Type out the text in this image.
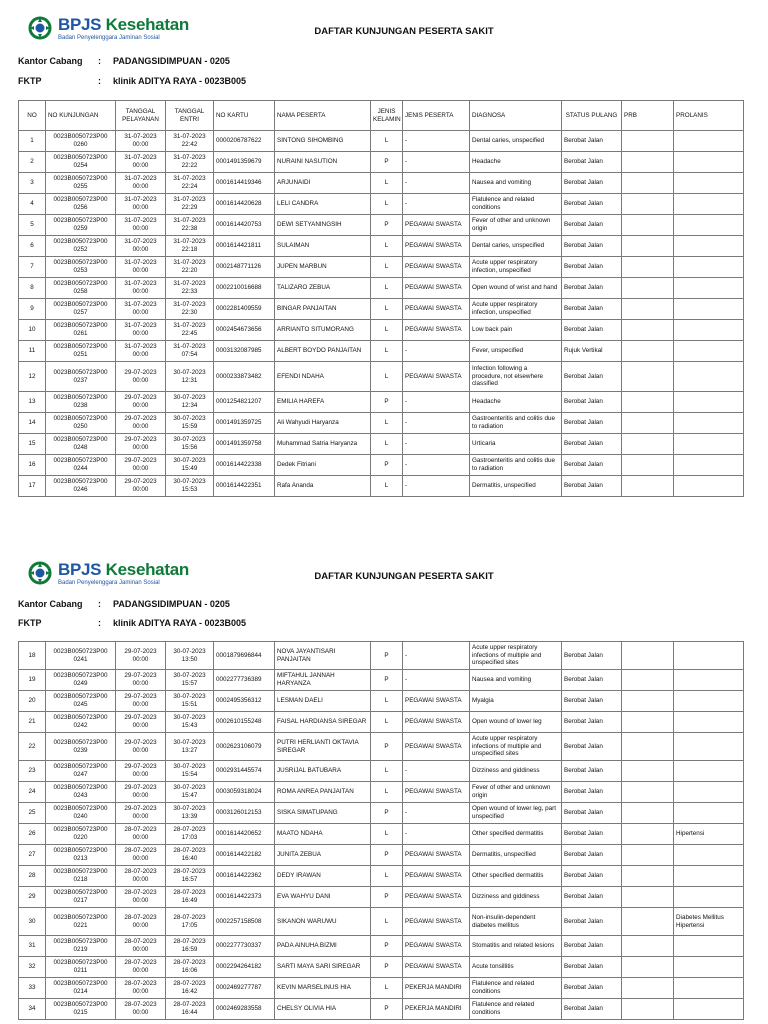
BPJS Kesehatan
Badan Penyelenggara Jaminan Sosial
DAFTAR KUNJUNGAN PESERTA SAKIT
Kantor Cabang : PADANGSIDIMPUAN - 0205
FKTP	: klinik ADITYA RAYA - 0023B005
NO	NO KUNJUNGAN	TANGGAL PELAYANAN	TANGGAL ENTRI	NO KARTU	NAMA PESERTA	JENIS KELAMIN	JENIS PESERTA	DIAGNOSA	STATUS PULANG	PRB	PROLANIS
1	0023B0050723P00 0260	31-07-2023 00:00	31-07-2023 22:42	0000206787622	SINTONG SIHOMBING	L	-	Dental caries, unspecified	Berobat Jalan		
2	0023B0050723P00 0254	31-07-2023 00:00	31-07-2023 22:22	0001491359679	NURAINI NASUTION	P	-	Headache	Berobat Jalan		
3	0023B0050723P00 0255	31-07-2023 00:00	31-07-2023 22:24	0001614419346	ARJUNAIDI	L	-	Nausea and vomiting	Berobat Jalan		
4	0023B0050723P00 0256	31-07-2023 00:00	31-07-2023 22:29	0001614420628	LELI CANDRA	L	-	Flatulence and related conditions	Berobat Jalan		
5	0023B0050723P00 0259	31-07-2023 00:00	31-07-2023 22:38	0001614420753	DEWI SETYANINGSIH	P	PEGAWAI SWASTA	Fever of other and unknown origin	Berobat Jalan		
6	0023B0050723P00 0252	31-07-2023 00:00	31-07-2023 22:18	0001614421811	SULAIMAN	L	PEGAWAI SWASTA	Dental caries, unspecified	Berobat Jalan		
7	0023B0050723P00 0253	31-07-2023 00:00	31-07-2023 22:20	0002148771126	JUPEN MARBUN	L	PEGAWAI SWASTA	Acute upper respiratory infection, unspecified	Berobat Jalan		
8	0023B0050723P00 0258	31-07-2023 00:00	31-07-2023 22:33	0002210016688	TALIZARO ZEBUA	L	PEGAWAI SWASTA	Open wound of wrist and hand	Berobat Jalan		
9	0023B0050723P00 0257	31-07-2023 00:00	31-07-2023 22:30	0002281409559	BINGAR PANJAITAN	L	PEGAWAI SWASTA	Acute upper respiratory infection, unspecified	Berobat Jalan		
10	0023B0050723P00 0261	31-07-2023 00:00	31-07-2023 22:45	0002454673656	ARRIANTO SITUMORANG	L	PEGAWAI SWASTA	Low back pain	Berobat Jalan		
11	0023B0050723P00 0251	31-07-2023 00:00	31-07-2023 07:54	0003132087985	ALBERT BOYDO PANJAITAN	L	-	Fever, unspecified	Rujuk Vertikal		
12	0023B0050723P00 0237	29-07-2023 00:00	30-07-2023 12:31	0000233873482	EFENDI NDAHA	L	PEGAWAI SWASTA	Infection following a procedure, not elsewhere classified	Berobat Jalan		
13	0023B0050723P00 0238	29-07-2023 00:00	30-07-2023 12:34	0001254821207	EMILIA HAREFA	P	-	Headache	Berobat Jalan		
14	0023B0050723P00 0250	29-07-2023 00:00	30-07-2023 15:59	0001491359725	Ali Wahyudi Haryanza	L	-	Gastroenteritis and colitis due to radiation	Berobat Jalan		
15	0023B0050723P00 0248	29-07-2023 00:00	30-07-2023 15:56	0001491359758	Muhammad Satria Haryanza	L	-	Urticaria	Berobat Jalan		
16	0023B0050723P00 0244	29-07-2023 00:00	30-07-2023 15:49	0001614422338	Dedek Fitriani	P	-	Gastroenteritis and colitis due to radiation	Berobat Jalan		
17	0023B0050723P00 0246	29-07-2023 00:00	30-07-2023 15:53	0001614422351	Rafa Ananda	L	-	Dermatitis, unspecified	Berobat Jalan		
BPJS Kesehatan
Badan Penyelenggara Jaminan Sosial
DAFTAR KUNJUNGAN PESERTA SAKIT
Kantor Cabang : PADANGSIDIMPUAN - 0205
FKTP	: klinik ADITYA RAYA - 0023B005
18	0023B0050723P00 0241	29-07-2023 00:00	30-07-2023 13:50	0001879696844	NOVA JAYANTISARI PANJAITAN	P	-	Acute upper respiratory infections of multiple and unspecified sites	Berobat Jalan		
19	0023B0050723P00 0249	29-07-2023 00:00	30-07-2023 15:57	0002277736389	MIFTAHUL JANNAH HARYANZA	P	-	Nausea and vomiting	Berobat Jalan		
20	0023B0050723P00 0245	29-07-2023 00:00	30-07-2023 15:51	0002495356312	LESMAN DAELI	L	PEGAWAI SWASTA	Myalgia	Berobat Jalan		
21	0023B0050723P00 0242	29-07-2023 00:00	30-07-2023 15:43	0002610155248	FAISAL HARDIANSA SIREGAR	L	PEGAWAI SWASTA	Open wound of lower leg	Berobat Jalan		
22	0023B0050723P00 0239	29-07-2023 00:00	30-07-2023 13:27	0002623106079	PUTRI HERLIANTI OKTAVIA SIREGAR	P	PEGAWAI SWASTA	Acute upper respiratory infections of multiple and unspecified sites	Berobat Jalan		
23	0023B0050723P00 0247	29-07-2023 00:00	30-07-2023 15:54	0002931445574	JUSRIJAL BATUBARA	L	-	Dizziness and giddiness	Berobat Jalan		
24	0023B0050723P00 0243	29-07-2023 00:00	30-07-2023 15:47	0003059318024	ROMA ANREA PANJAITAN	L	PEGAWAI SWASTA	Fever of other and unknown origin	Berobat Jalan		
25	0023B0050723P00 0240	29-07-2023 00:00	30-07-2023 13:39	0003126012153	SISKA SIMATUPANG	P	-	Open wound of lower leg, part unspecified	Berobat Jalan		
26	0023B0050723P00 0220	28-07-2023 00:00	28-07-2023 17:03	0001614420652	MAATO NDAHA	L	-	Other specified dermatitis	Berobat Jalan		Hipertensi
27	0023B0050723P00 0213	28-07-2023 00:00	28-07-2023 16:40	0001614422182	JUNITA ZEBUA	P	PEGAWAI SWASTA	Dermatitis, unspecified	Berobat Jalan		
28	0023B0050723P00 0218	28-07-2023 00:00	28-07-2023 16:57	0001614422362	DEDY IRAWAN	L	PEGAWAI SWASTA	Other specified dermatitis	Berobat Jalan		
29	0023B0050723P00 0217	28-07-2023 00:00	28-07-2023 16:49	0001614422373	EVA WAHYU DANI	P	PEGAWAI SWASTA	Dizziness and giddiness	Berobat Jalan		
30	0023B0050723P00 0221	28-07-2023 00:00	28-07-2023 17:05	0002257158508	SIKANON WARUWU	L	PEGAWAI SWASTA	Non-insulin-dependent diabetes mellitus	Berobat Jalan		Diabetes Mellitus Hipertensi
31	0023B0050723P00 0219	28-07-2023 00:00	28-07-2023 16:59	0002277730337	PADA AINUHA BIZMI	P	PEGAWAI SWASTA	Stomatitis and related lesions	Berobat Jalan		
32	0023B0050723P00 0211	28-07-2023 00:00	28-07-2023 16:06	0002294264182	SARTI MAYA SARI SIREGAR	P	PEGAWAI SWASTA	Acute tonsillitis	Berobat Jalan		
33	0023B0050723P00 0214	28-07-2023 00:00	28-07-2023 16:42	0002469277787	KEVIN MARSELINUS HIA	L	PEKERJA MANDIRI	Flatulence and related conditions	Berobat Jalan		
34	0023B0050723P00 0215	28-07-2023 00:00	28-07-2023 16:44	0002469283558	CHELSY OLIVIA HIA	P	PEKERJA MANDIRI	Flatulence and related conditions	Berobat Jalan		
